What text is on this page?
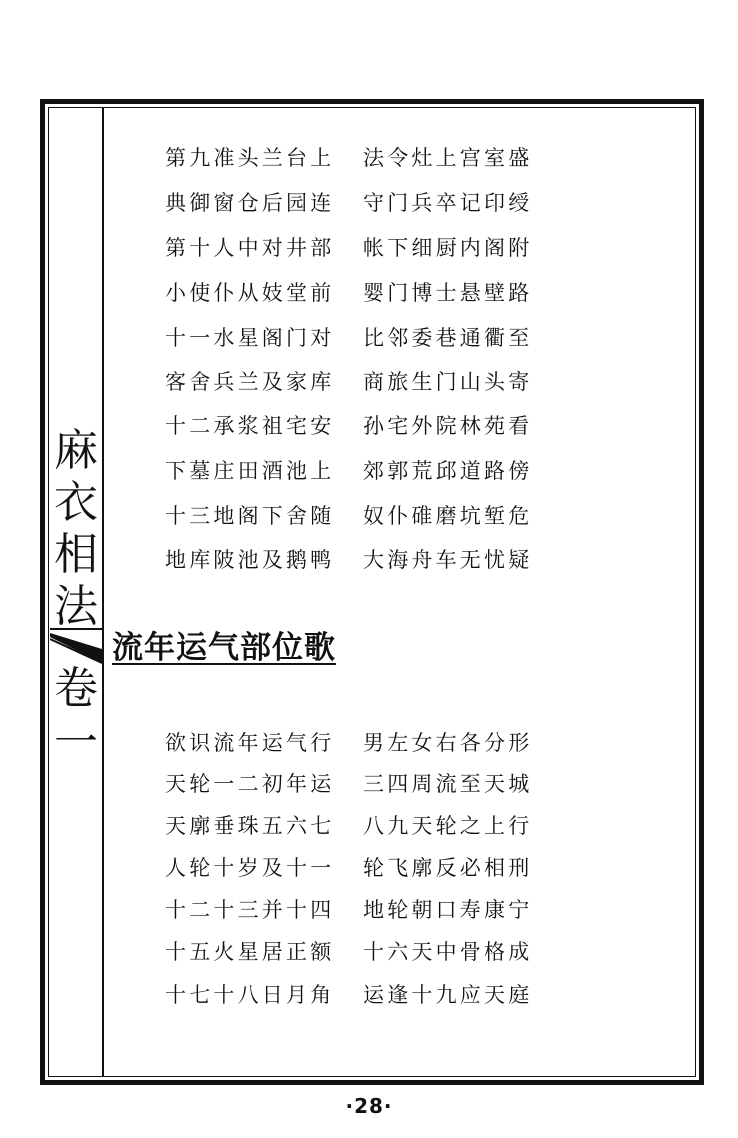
麻
衣
相
法
卷
一
第九准头兰台上 法令灶上宫室盛
典御窗仓后园连 守门兵卒记印绶
第十人中对井部 帐下细厨内阁附
小使仆从妓堂前 婴门博士悬壁路
十一水星阁门对 比邻委巷通衢至
客舍兵兰及家库 商旅生门山头寄
十二承浆祖宅安 孙宅外院林苑看
下墓庄田酒池上 郊郭荒邱道路傍
十三地阁下舍随 奴仆碓磨坑堑危
地库陂池及鹅鸭 大海舟车无忧疑
流年运气部位歌
欲识流年运气行 男左女右各分形
天轮一二初年运 三四周流至天城
天廓垂珠五六七 八九天轮之上行
人轮十岁及十一 轮飞廓反必相刑
十二十三并十四 地轮朝口寿康宁
十五火星居正额 十六天中骨格成
十七十八日月角 运逢十九应天庭
·28·
